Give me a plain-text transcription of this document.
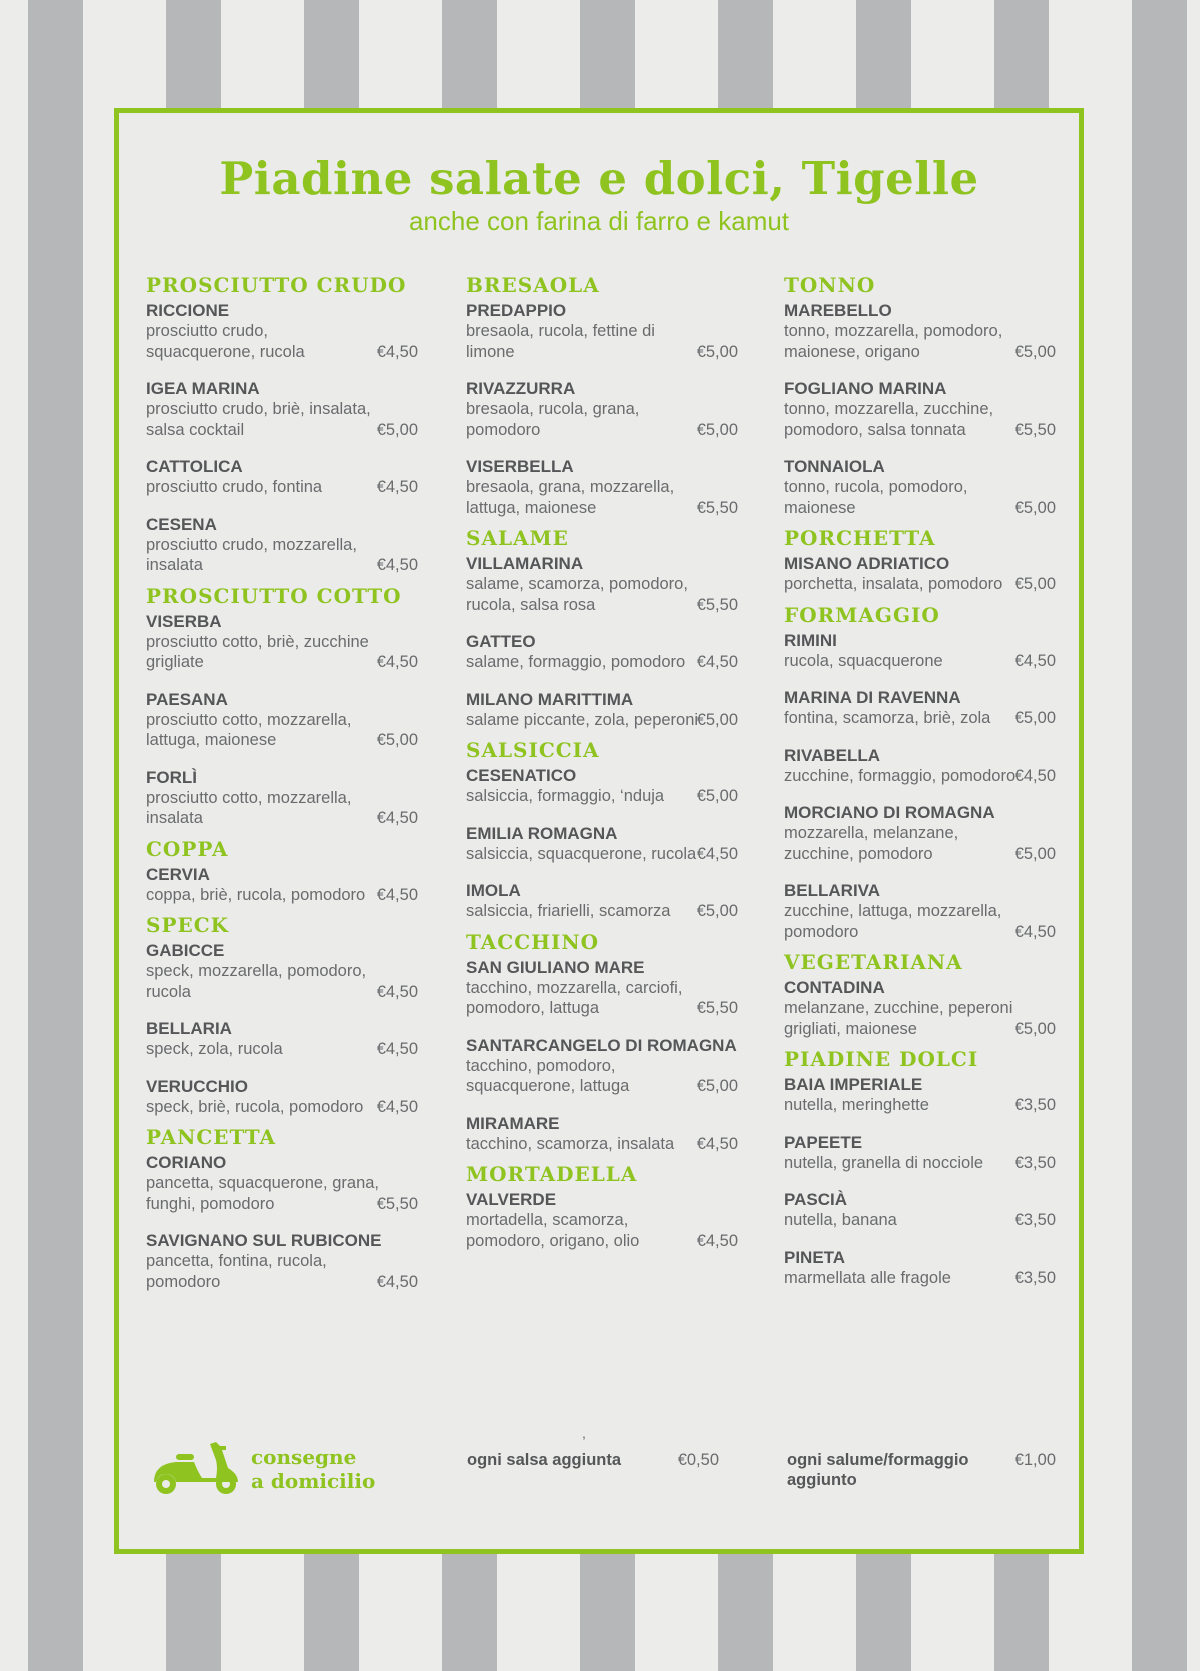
Piadine salate e dolci, Tigelle

anche con farina di farro e kamut

PROSCIUTTO CRUDO
RICCIONE
prosciutto crudo, squacquerone, rucola	€4,50
IGEA MARINA
prosciutto crudo, briè, insalata, salsa cocktail	€5,00
CATTOLICA
prosciutto crudo, fontina	€4,50
CESENA
prosciutto crudo, mozzarella, insalata	€4,50
PROSCIUTTO COTTO
VISERBA
prosciutto cotto, briè, zucchine grigliate	€4,50
PAESANA
prosciutto cotto, mozzarella, lattuga, maionese	€5,00
FORLÌ
prosciutto cotto, mozzarella, insalata	€4,50
COPPA
CERVIA
coppa, briè, rucola, pomodoro €4,50
SPECK
GABICCE
speck, mozzarella, pomodoro, rucola	€4,50
BELLARIA
speck, zola, rucola	€4,50
VERUCCHIO
speck, briè, rucola, pomodoro €4,50
PANCETTA
CORIANO
pancetta, squacquerone, grana, funghi, pomodoro	€5,50
SAVIGNANO SUL RUBICONE
pancetta, fontina, rucola, pomodoro	€4,50
BRESAOLA
PREDAPPIO
bresaola, rucola, fettine di limone	€5,00
RIVAZZURRA
bresaola, rucola, grana, pomodoro	€5,00
VISERBELLA
bresaola, grana, mozzarella, lattuga, maionese	€5,50
SALAME
VILLAMARINA
salame, scamorza, pomodoro, rucola, salsa rosa	€5,50
GATTEO
salame, formaggio, pomodoro €4,50
MILANO MARITTIMA
salame piccante, zola, peperoni
€5,00
SALSICCIA
CESENATICO
salsiccia, formaggio, ‘nduja	€5,00
EMILIA ROMAGNA
salsiccia, squacquerone, rucola €4,50
IMOLA
salsiccia, friarielli, scamorza	€5,00
TACCHINO
SAN GIULIANO MARE
tacchino, mozzarella, carciofi, pomodoro, lattuga	€5,50
SANTARCANGELO DI ROMAGNA
tacchino, pomodoro, squacquerone, lattuga	€5,00
MIRAMARE
tacchino, scamorza, insalata	€4,50
MORTADELLA
VALVERDE
mortadella, scamorza, pomodoro, origano, olio	€4,50
TONNO
MAREBELLO
tonno, mozzarella, pomodoro, maionese, origano	€5,00
FOGLIANO MARINA
tonno, mozzarella, zucchine, pomodoro, salsa tonnata	€5,50
TONNAIOLA
tonno, rucola, pomodoro, maionese	€5,00
PORCHETTA
MISANO ADRIATICO
porchetta, insalata, pomodoro €5,00
FORMAGGIO
RIMINI
rucola, squacquerone	€4,50
MARINA DI RAVENNA
fontina, scamorza, briè, zola	€5,00
RIVABELLA
zucchine, formaggio, pomodoro €4,50
MORCIANO DI ROMAGNA
mozzarella, melanzane, zucchine, pomodoro	€5,00
BELLARIVA
zucchine, lattuga, mozzarella, pomodoro	€4,50
VEGETARIANA
CONTADINA
melanzane, zucchine, peperoni grigliati, maionese	€5,00
PIADINE DOLCI
BAIA IMPERIALE
nutella, meringhette	€3,50
PAPEETE
nutella, granella di nocciole	€3,50
PASCIÀ
nutella, banana	€3,50
PINETA
marmellata alle fragole	€3,50
,
consegne
a domicilio
ogni salsa aggiunta	€0,50	ogni salume/formaggio
aggiunto
€1,00
